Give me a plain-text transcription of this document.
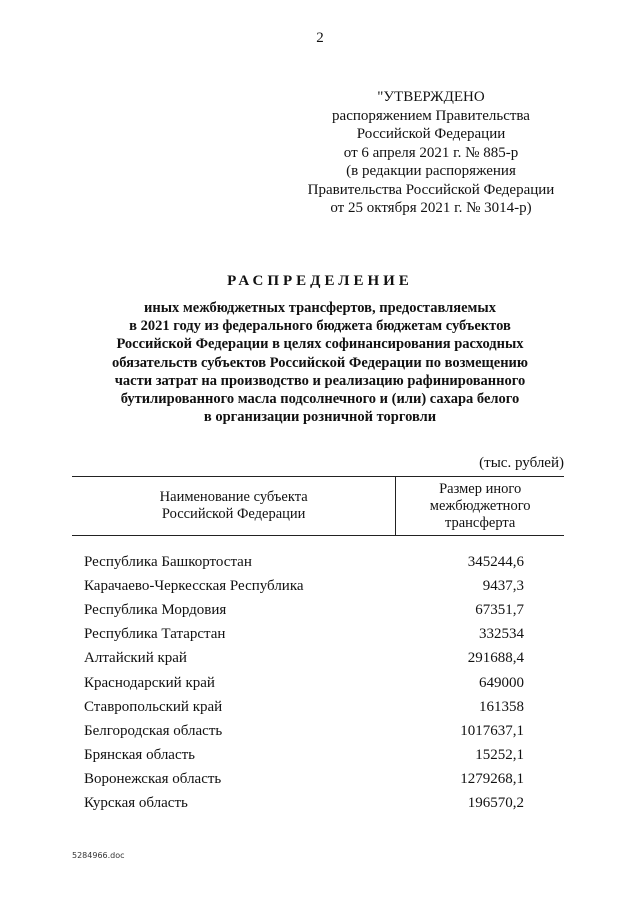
2
"УТВЕРЖДЕНО
распоряжением Правительства
Российской Федерации
от 6 апреля 2021 г. № 885-р
(в редакции распоряжения
Правительства Российской Федерации
от 25 октября 2021 г. № 3014-р)
РАСПРЕДЕЛЕНИЕ
иных межбюджетных трансфертов, предоставляемых
в 2021 году из федерального бюджета бюджетам субъектов
Российской Федерации в целях софинансирования расходных
обязательств субъектов Российской Федерации по возмещению
части затрат на производство и реализацию рафинированного
бутилированного масла подсолнечного и (или) сахара белого
в организации розничной торговли
(тыс. рублей)
Наименование субъекта
Российской Федерации
Размер иного
межбюджетного
трансферта
Республика Башкортостан	345244,6
Карачаево-Черкесская Республика	9437,3
Республика Мордовия	67351,7
Республика Татарстан	332534
Алтайский край	291688,4
Краснодарский край	649000
Ставропольский край	161358
Белгородская область	1017637,1
Брянская область	15252,1
Воронежская область	1279268,1
Курская область	196570,2
5284966.doc
